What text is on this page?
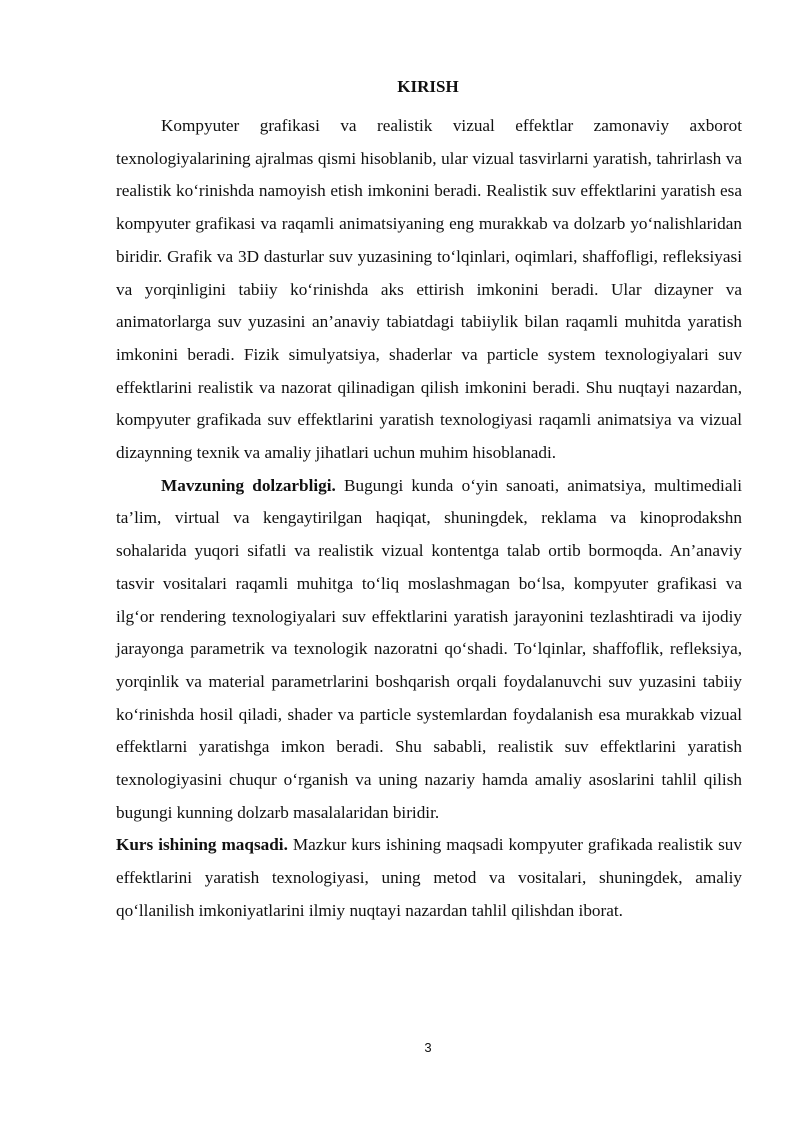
KIRISH

Kompyuter grafikasi va realistik vizual effektlar zamonaviy axborot texnologiyalarining ajralmas qismi hisoblanib, ular vizual tasvirlarni yaratish, tahrirlash va realistik koʻrinishda namoyish etish imkonini beradi. Realistik suv effektlarini yaratish esa kompyuter grafikasi va raqamli animatsiyaning eng murakkab va dolzarb yoʻnalishlaridan biridir. Grafik va 3D dasturlar suv yuzasining toʻlqinlari, oqimlari, shaffofligi, refleksiyasi va yorqinligini tabiiy koʻrinishda aks ettirish imkonini beradi. Ular dizayner va animatorlarga suv yuzasini an’anaviy tabiatdagi tabiiylik bilan raqamli muhitda yaratish imkonini beradi. Fizik simulyatsiya, shaderlar va particle system texnologiyalari suv effektlarini realistik va nazorat qilinadigan qilish imkonini beradi. Shu nuqtayi nazardan, kompyuter grafikada suv effektlarini yaratish texnologiyasi raqamli animatsiya va vizual dizaynning texnik va amaliy jihatlari uchun muhim hisoblanadi.

Mavzuning dolzarbligi. Bugungi kunda oʻyin sanoati, animatsiya, multimediali ta’lim, virtual va kengaytirilgan haqiqat, shuningdek, reklama va kinoprodakshn sohalarida yuqori sifatli va realistik vizual kontentga talab ortib bormoqda. An’anaviy tasvir vositalari raqamli muhitga toʻliq moslashmagan boʻlsa, kompyuter grafikasi va ilgʻor rendering texnologiyalari suv effektlarini yaratish jarayonini tezlashtiradi va ijodiy jarayonga parametrik va texnologik nazoratni qoʻshadi. Toʻlqinlar, shaffoflik, refleksiya, yorqinlik va material parametrlarini boshqarish orqali foydalanuvchi suv yuzasini tabiiy koʻrinishda hosil qiladi, shader va particle systemlardan foydalanish esa murakkab vizual effektlarni yaratishga imkon beradi. Shu sababli, realistik suv effektlarini yaratish texnologiyasini chuqur oʻrganish va uning nazariy hamda amaliy asoslarini tahlil qilish bugungi kunning dolzarb masalalaridan biridir.

Kurs ishining maqsadi. Mazkur kurs ishining maqsadi kompyuter grafikada realistik suv effektlarini yaratish texnologiyasi, uning metod va vositalari, shuningdek, amaliy qoʻllanilish imkoniyatlarini ilmiy nuqtayi nazardan tahlil qilishdan iborat.

3
